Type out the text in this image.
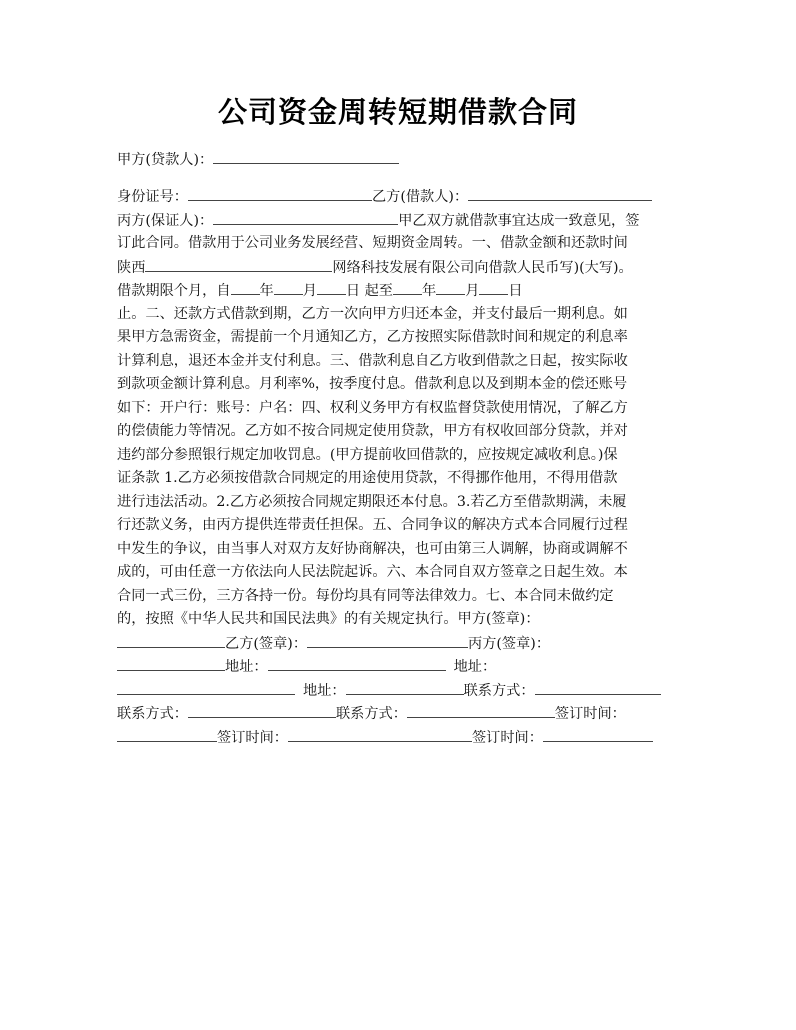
公司资金周转短期借款合同
甲方(贷款人)：
身份证号：	乙方(借款人)：
丙方(保证人)：	甲乙双方就借款事宜达成一致意见，签
订此合同。借款用于公司业务发展经营、短期资金周转。一、借款金额和还款时间
陕西	网络科技发展有限公司向借款人民币写)(大写)。
借款期限个月，自 年 月 日 起至 年 月 日
止。二、还款方式借款到期，乙方一次向甲方归还本金，并支付最后一期利息。如
果甲方急需资金，需提前一个月通知乙方，乙方按照实际借款时间和规定的利息率
计算利息，退还本金并支付利息。三、借款利息自乙方收到借款之日起，按实际收
到款项金额计算利息。月利率%，按季度付息。借款利息以及到期本金的偿还账号
如下：开户行：账号：户名：四、权利义务甲方有权监督贷款使用情况，了解乙方
的偿债能力等情况。乙方如不按合同规定使用贷款，甲方有权收回部分贷款，并对
违约部分参照银行规定加收罚息。(甲方提前收回借款的，应按规定减收利息。)保
证条款 1.乙方必须按借款合同规定的用途使用贷款，不得挪作他用，不得用借款
进行违法活动。2.乙方必须按合同规定期限还本付息。3.若乙方至借款期满，未履
行还款义务，由丙方提供连带责任担保。五、合同争议的解决方式本合同履行过程
中发生的争议，由当事人对双方友好协商解决，也可由第三人调解，协商或调解不
成的，可由任意一方依法向人民法院起诉。六、本合同自双方签章之日起生效。本
合同一式三份，三方各持一份。每份均具有同等法律效力。七、本合同未做约定
的，按照《中华人民共和国民法典》的有关规定执行。甲方(签章)：
乙方(签章)：	丙方(签章)：
地址：	地址：
地址：	联系方式：
联系方式：	联系方式：	签订时间：
签订时间：	签订时间：
